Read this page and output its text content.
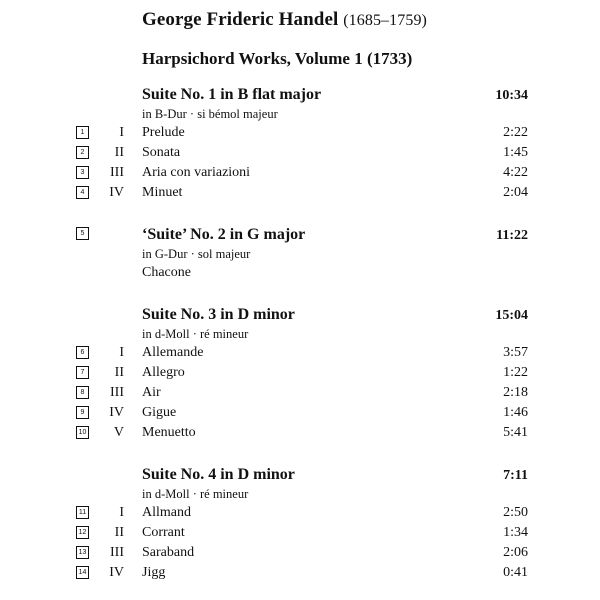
George Frideric Handel (1685–1759)
Harpsichord Works, Volume 1 (1733)
Suite No. 1 in B flat major	10:34
in B-Dur · si bémol majeur
1	I Prelude	2:22
2	II Sonata	1:45
3	III Aria con variazioni	4:22
4	IV Minuet	2:04
5	‘Suite’ No. 2 in G major	11:22
in G-Dur · sol majeur
Chacone
Suite No. 3 in D minor	15:04
in d-Moll · ré mineur
6	I Allemande	3:57
7	II Allegro	1:22
8	III Air	2:18
9	IV Gigue	1:46
10	V Menuetto	5:41
Suite No. 4 in D minor	7:11
in d-Moll · ré mineur
11	I Allmand	2:50
12	II Corrant	1:34
13	III Saraband	2:06
14	IV Jigg	0:41
